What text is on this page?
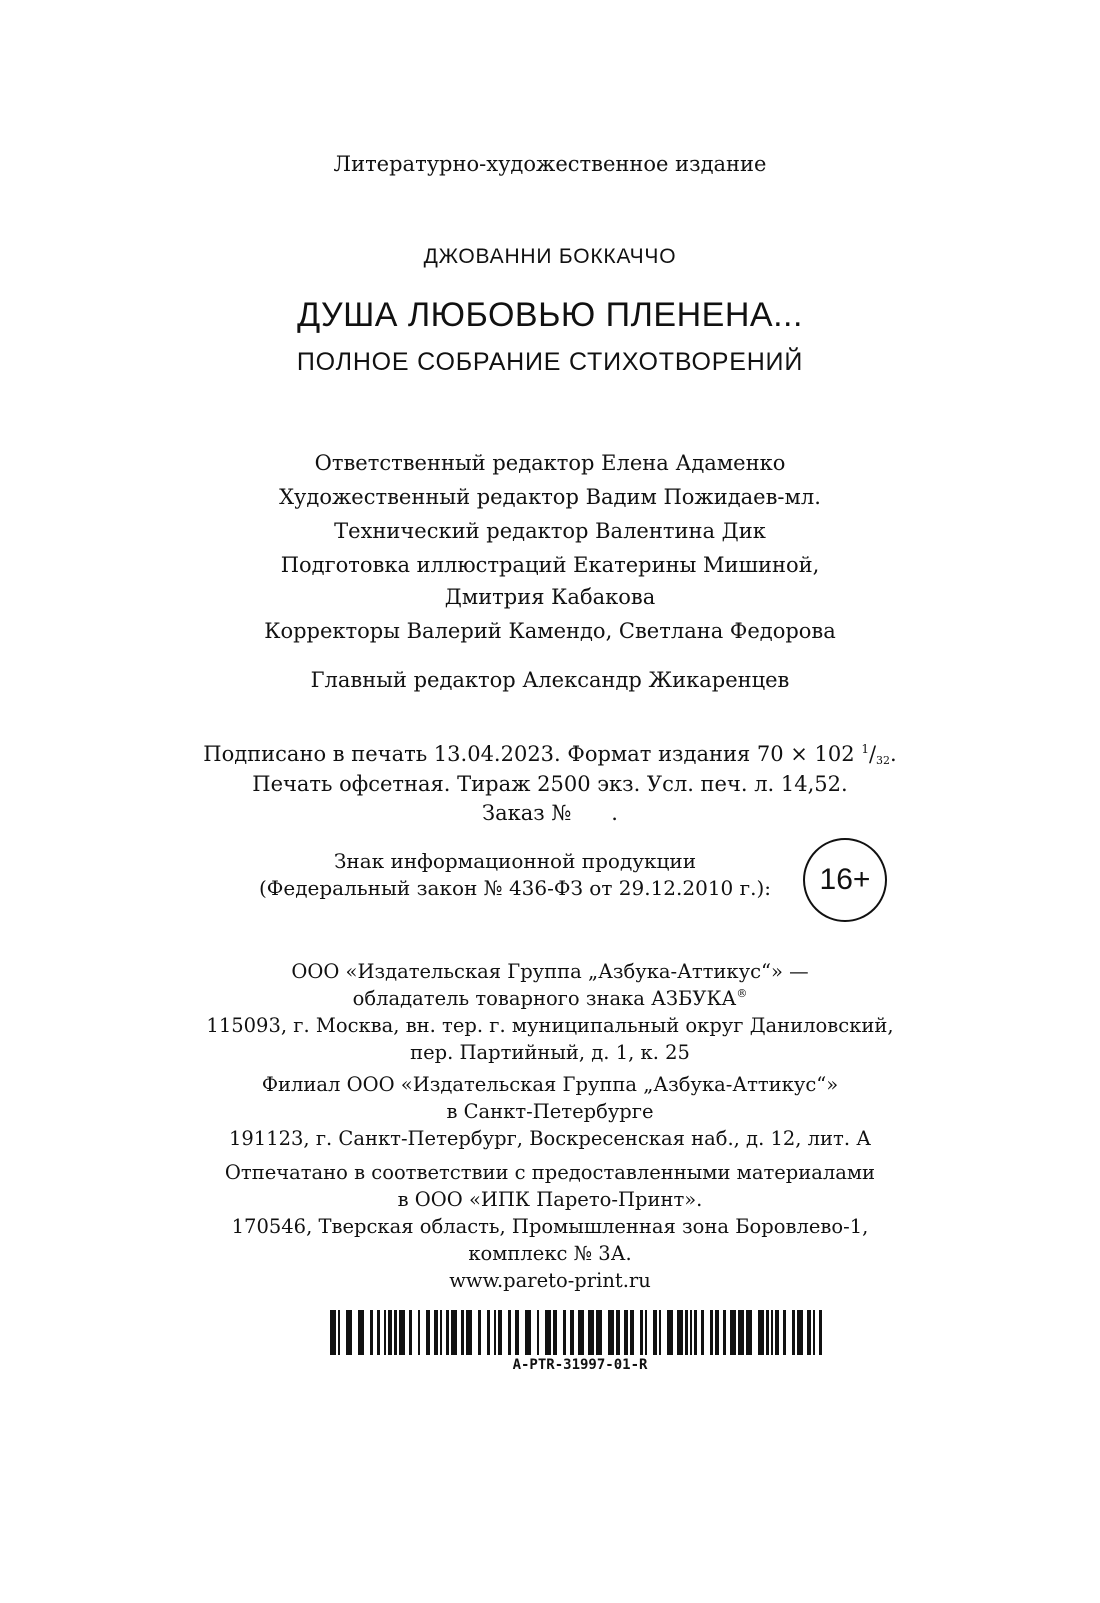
Литературно-художественное издание
ДЖОВАННИ БОККАЧЧО
ДУША ЛЮБОВЬЮ ПЛЕНЕНА...
ПОЛНОЕ СОБРАНИЕ СТИХОТВОРЕНИЙ
Ответственный редактор Елена Адаменко
Художественный редактор Вадим Пожидаев-мл.
Технический редактор Валентина Дик
Подготовка иллюстраций Екатерины Мишиной,
Дмитрия Кабакова
Корректоры Валерий Камендо, Светлана Федорова
Главный редактор Александр Жикаренцев
Подписано в печать 13.04.2023. Формат издания 70 × 102 $^1/_{32}$.
Печать офсетная. Тираж 2500 экз. Усл. печ. л. 14,52.
Заказ № .
Знак информационной продукции
(Федеральный закон № 436-ФЗ от 29.12.2010 г.):	16+
ООО «Издательская Группа „Азбука-Аттикус“» —
обладатель товарного знака АЗБУКА®
115093, г. Москва, вн. тер. г. муниципальный округ Даниловский,
пер. Партийный, д. 1, к. 25
Филиал ООО «Издательская Группа „Азбука-Аттикус“»
в Санкт-Петербурге
191123, г. Санкт-Петербург, Воскресенская наб., д. 12, лит. А
Отпечатано в соответствии с предоставленными материалами
в ООО «ИПК Парето-Принт».
170546, Тверская область, Промышленная зона Боровлево-1,
комплекс № 3А.
www.pareto-print.ru
A-PTR-31997-01-R
